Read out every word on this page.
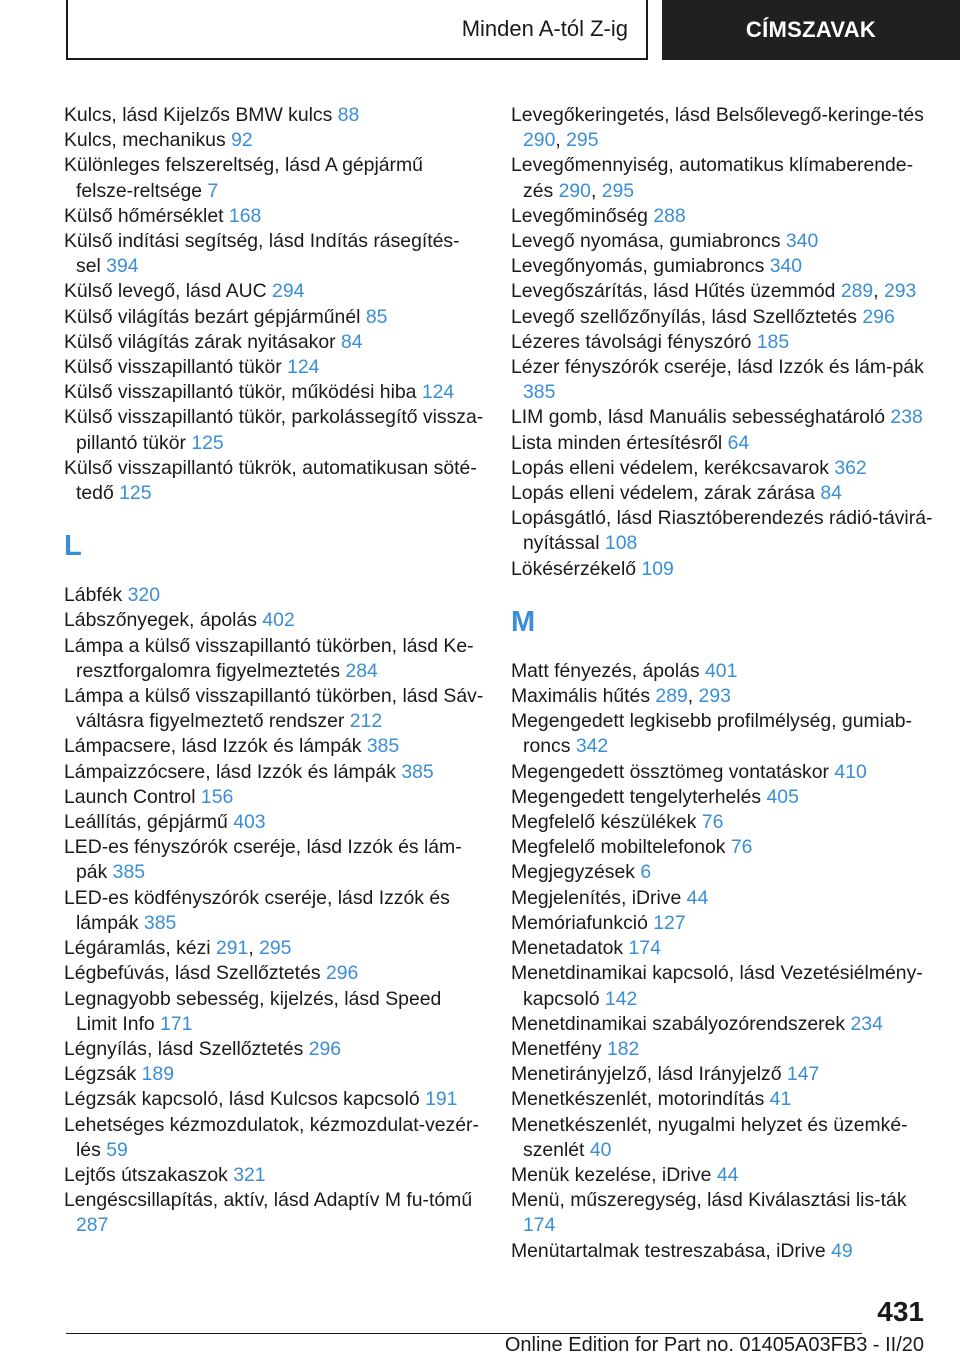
Minden A-tól Z-ig	CÍMSZAVAK
Kulcs, lásd Kijelzős BMW kulcs 88
Kulcs, mechanikus 92
Különleges felszereltség, lásd A gépjármű felsze-reltsége 7
Külső hőmérséklet 168
Külső indítási segítség, lásd Indítás rásegítés-sel 394
Külső levegő, lásd AUC 294
Külső világítás bezárt gépjárműnél 85
Külső világítás zárak nyitásakor 84
Külső visszapillantó tükör 124
Külső visszapillantó tükör, működési hiba 124
Külső visszapillantó tükör, parkolássegítő vissza-pillantó tükör 125
Külső visszapillantó tükrök, automatikusan söté-tedő 125
L
Lábfék 320
Lábszőnyegek, ápolás 402
Lámpa a külső visszapillantó tükörben, lásd Ke-resztforgalomra figyelmeztetés 284
Lámpa a külső visszapillantó tükörben, lásd Sáv-váltásra figyelmeztető rendszer 212
Lámpacsere, lásd Izzók és lámpák 385
Lámpaizzócsere, lásd Izzók és lámpák 385
Launch Control 156
Leállítás, gépjármű 403
LED-es fényszórók cseréje, lásd Izzók és lám-pák 385
LED-es ködfényszórók cseréje, lásd Izzók és lámpák 385
Légáramlás, kézi 291, 295
Légbefúvás, lásd Szellőztetés 296
Legnagyobb sebesség, kijelzés, lásd Speed Limit Info 171
Légnyílás, lásd Szellőztetés 296
Légzsák 189
Légzsák kapcsoló, lásd Kulcsos kapcsoló 191
Lehetséges kézmozdulatok, kézmozdulat-vezér-lés 59
Lejtős útszakaszok 321
Lengéscsillapítás, aktív, lásd Adaptív M fu-tómű 287
Levegőkeringetés, lásd Belsőlevegő-keringe-tés 290, 295
Levegőmennyiség, automatikus klímaberende-zés 290, 295
Levegőminőség 288
Levegő nyomása, gumiabroncs 340
Levegőnyomás, gumiabroncs 340
Levegőszárítás, lásd Hűtés üzemmód 289, 293
Levegő szellőzőnyílás, lásd Szellőztetés 296
Lézeres távolsági fényszóró 185
Lézer fényszórók cseréje, lásd Izzók és lám-pák 385
LIM gomb, lásd Manuális sebességhatároló 238
Lista minden értesítésről 64
Lopás elleni védelem, kerékcsavarok 362
Lopás elleni védelem, zárak zárása 84
Lopásgátló, lásd Riasztóberendezés rádió-távirá-nyítással 108
Lökésérzékelő 109
M
Matt fényezés, ápolás 401
Maximális hűtés 289, 293
Megengedett legkisebb profilmélység, gumiab-roncs 342
Megengedett össztömeg vontatáskor 410
Megengedett tengelyterhelés 405
Megfelelő készülékek 76
Megfelelő mobiltelefonok 76
Megjegyzések 6
Megjelenítés, iDrive 44
Memóriafunkció 127
Menetadatok 174
Menetdinamikai kapcsoló, lásd Vezetésiélmény-kapcsoló 142
Menetdinamikai szabályozórendszerek 234
Menetfény 182
Menetirányjelző, lásd Irányjelző 147
Menetkészenlét, motorindítás 41
Menetkészenlét, nyugalmi helyzet és üzemké-szenlét 40
Menük kezelése, iDrive 44
Menü, műszeregység, lásd Kiválasztási lis-ták 174
Menütartalmak testreszabása, iDrive 49
431
Online Edition for Part no. 01405A03FB3 - II/20
